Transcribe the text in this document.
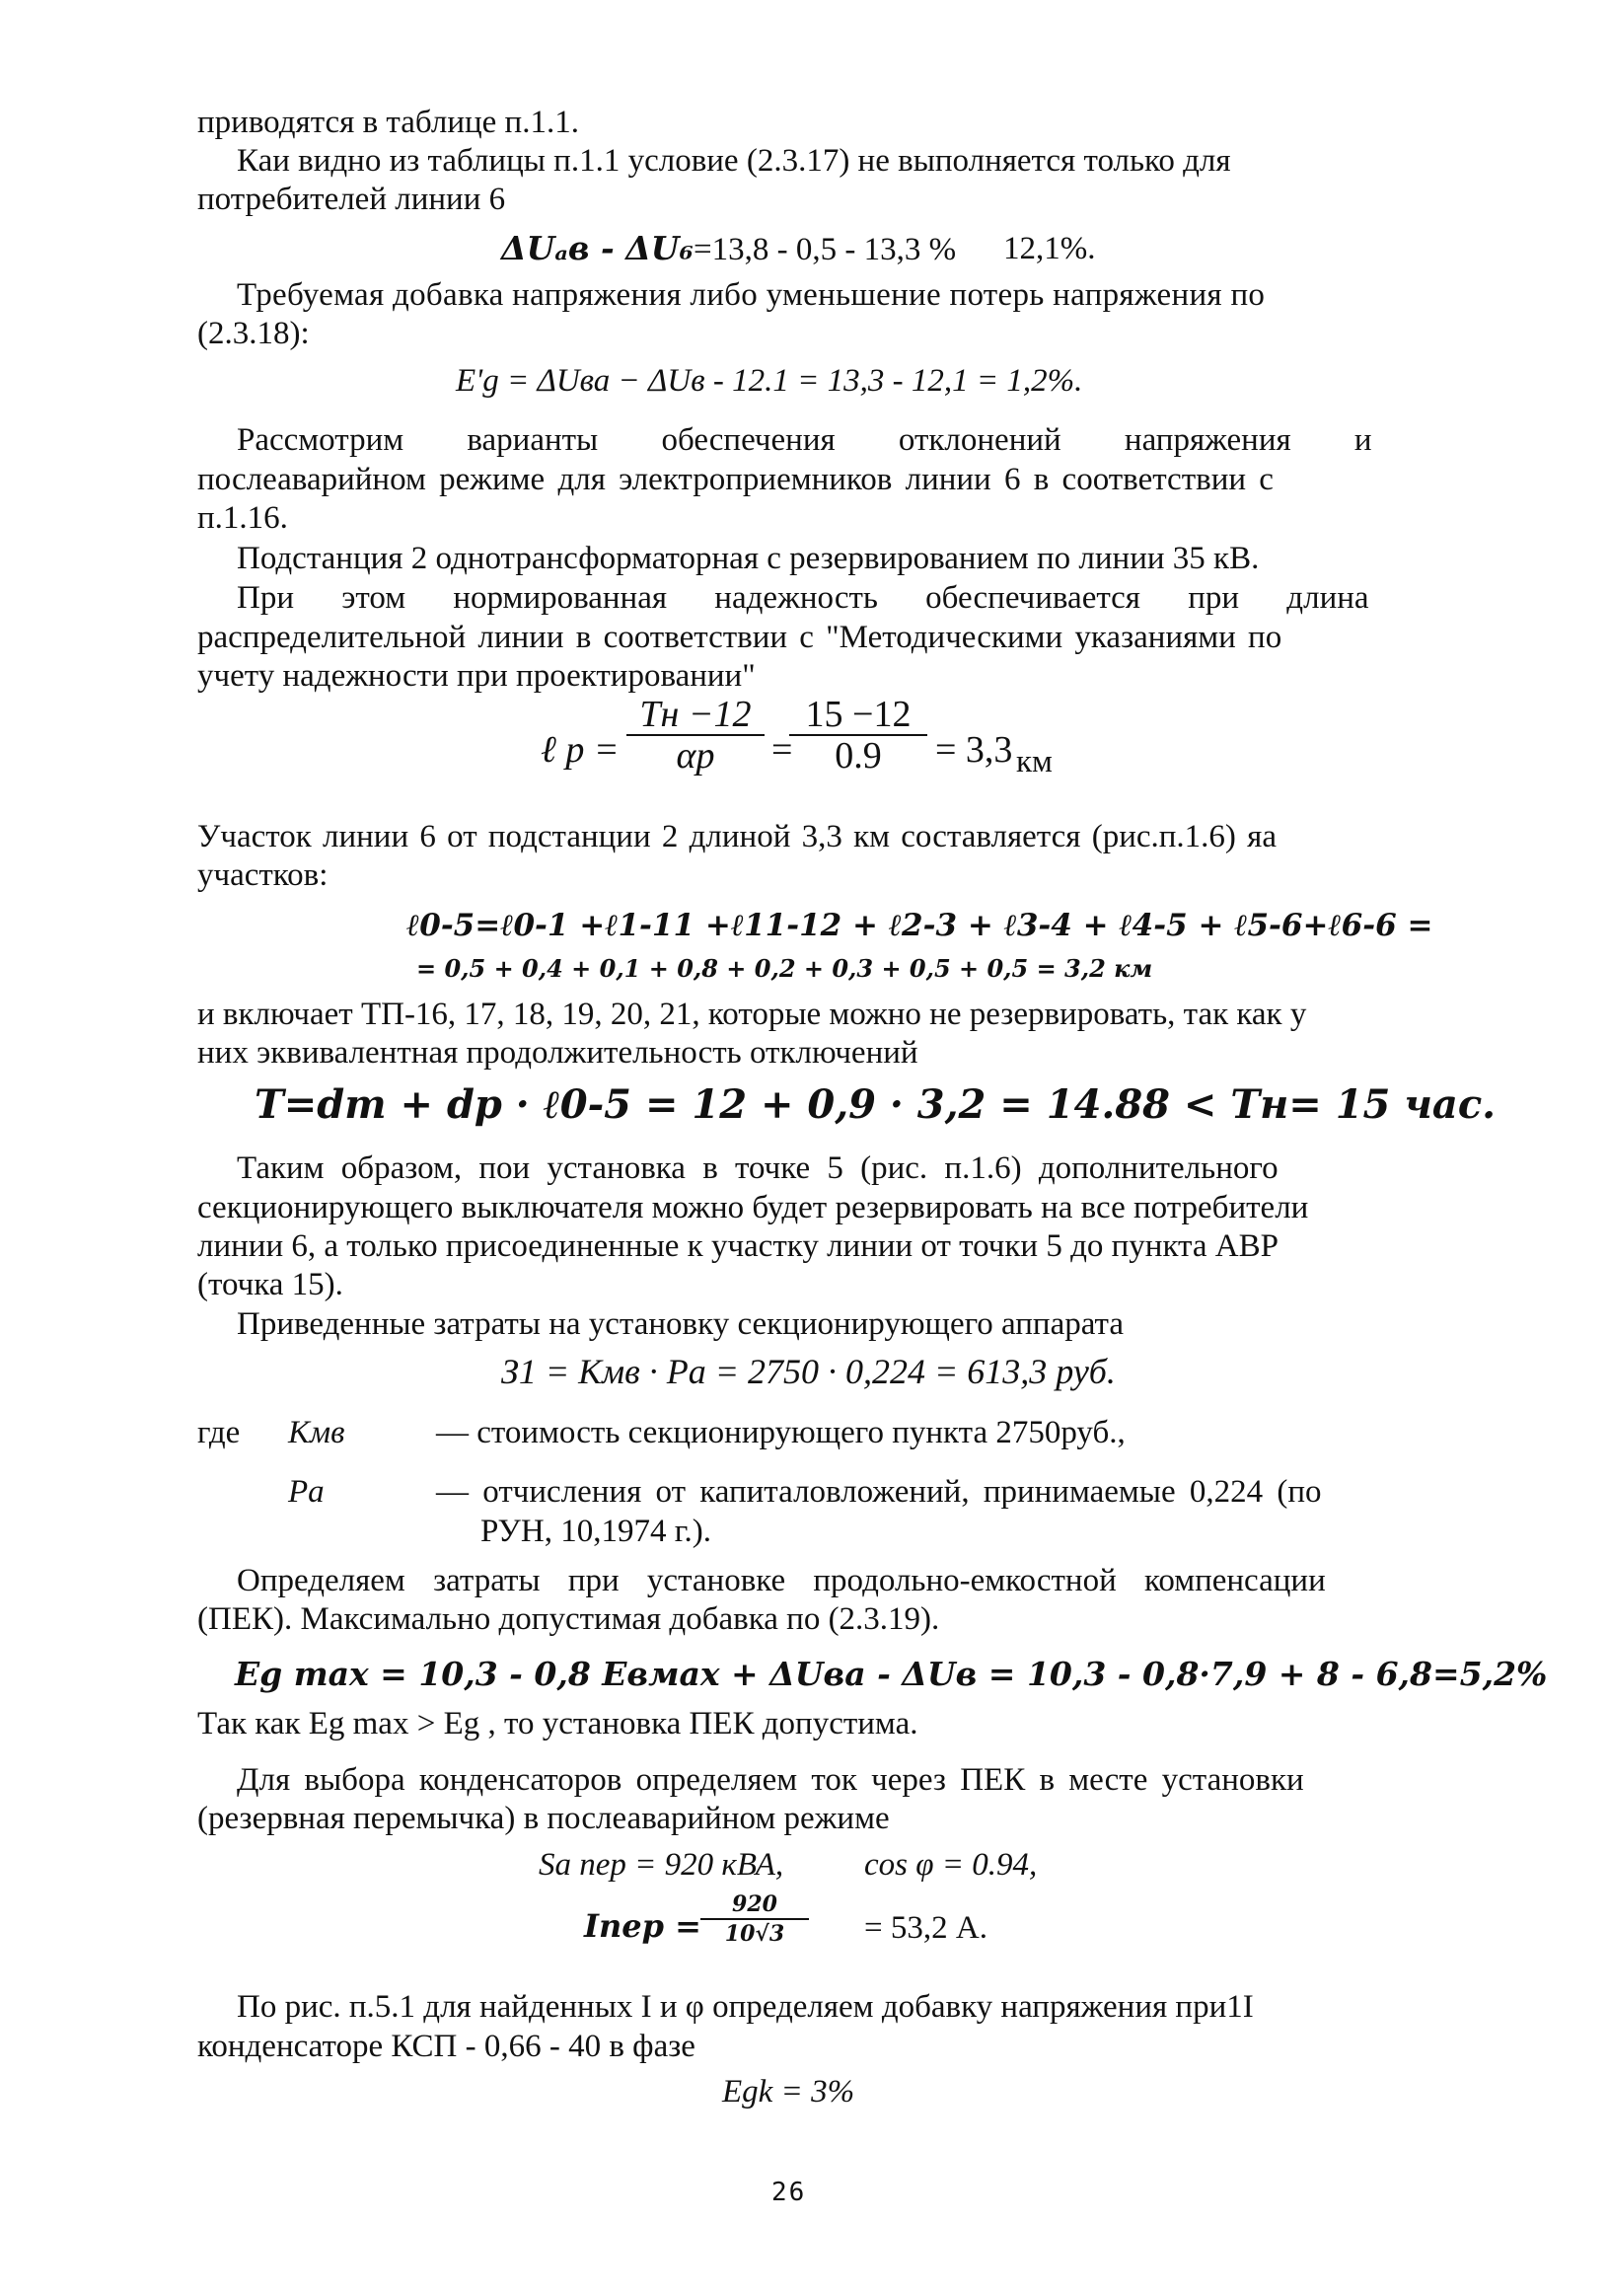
приводятся в таблице п.1.1.
Каи видно из таблицы п.1.1 условие (2.3.17) не выполняется только для
потребителей линии 6
ΔUₐв - ΔU₆=13,8 - 0,5 - 13,3 % 12,1%.
Требуемая добавка напряжения либо уменьшение потерь напряжения по
(2.3.18):
E'g = ΔUва − ΔUв - 12.1 = 13,3 - 12,1 = 1,2%.
Рассмотрим вариaнты обеспечения отклонений напряжения и
послеаварийном режиме для электроприемников линии 6 в соответствии с
п.1.16.
Подстанция 2 однотрансформаторная с резервированием по линии 35 кВ.
При этом нормированная надежность обеспечивается при длина
распределительной линии в соответствии с "Методическими указаниями по
учету надежности при проектировании"
ℓ p =
Tн −12
αp	=
$\frac{15 -12}{0.9} = 3,3$ км
Участок линии 6 от подстанции 2 длиной 3,3 км составляется (рис.п.1.6) яа
участков:
ℓ0-5=ℓ0-1 +ℓ1-11 +ℓ11-12 + ℓ2-3 + ℓ3-4 + ℓ4-5 + ℓ5-6+ℓ6-6 =
= 0,5 + 0,4 + 0,1 + 0,8 + 0,2 + 0,3 + 0,5 + 0,5 = 3,2 км
и включает ТП-16, 17, 18, 19, 20, 21, которые можно не резервировать, так как у
них эквивалентная продолжительность отключений
T=dт + dр · ℓ0-5 = 12 + 0,9 · 3,2 = 14.88 < Tн= 15 час.
Таким образом, пои установка в точке 5 (рис. п.1.6) дополнительного
секционирующего выключателя можно будет резервировать на все потребители
линии 6, а только присоединенные к участку линии от точки 5 до пункта АВР
(точка 15).
Приведенные затраты на установку секционирующего аппарата
З1 = Kмв · Pа = 2750 · 0,224 = 613,3 руб.
где Kмв	— стоимость секционирующего пункта 2750руб.,
Pа	— отчисления от капиталовложений, принимаемые 0,224 (по
РУН, 10,1974 г.).
Определяем затраты при установке продольно-емкостной компенсации
(ПЕК). Максимально допустимая добавка по (2.3.19).
Eg max = 10,3 - 0,8 Eвмах + ΔUва - ΔUв = 10,3 - 0,8·7,9 + 8 - 6,8=5,2%
Так как Eg max > Eg , то установка ПЕК допустима.
Для выбора конденсаторов определяем ток через ПЕК в месте установки
(резервная перемычка) в послеаварийном режиме
Sа пер = 920 кВА, cos φ = 0.94,
Iпер = $\frac{920}{10√3} = 53,2$ А.
По рис. п.5.1 для найденных I и φ определяем добавку напряжения при1I
конденсаторе КСП - 0,66 - 40 в фазе
Egk = 3%
26
